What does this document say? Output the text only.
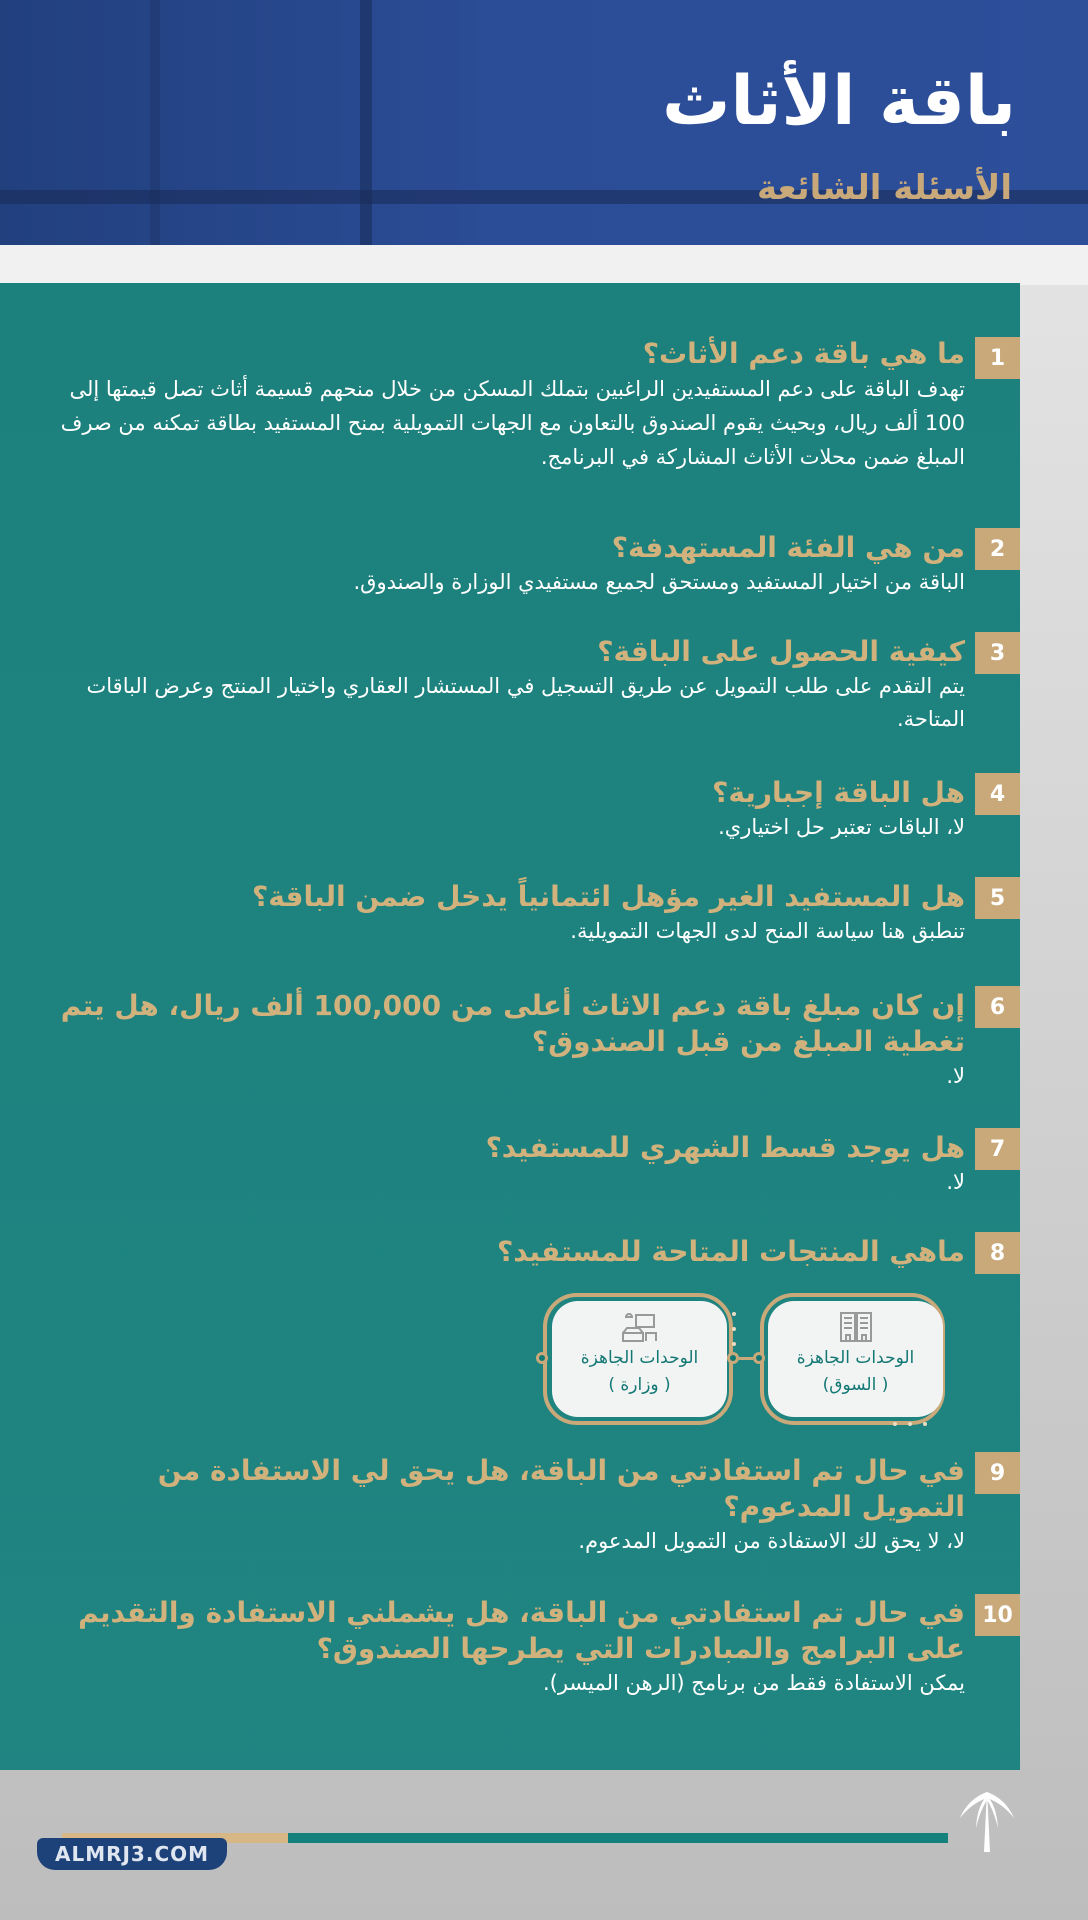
باقة الأثاث
الأسئلة الشائعة
1
ما هي باقة دعم الأثاث؟
تهدف الباقة على دعم المستفيدين الراغبين بتملك المسكن من خلال منحهم قسيمة أثاث تصل قيمتها إلى 100 ألف ريال، وبحيث يقوم الصندوق بالتعاون مع الجهات التمويلية بمنح المستفيد بطاقة تمكنه من صرف المبلغ ضمن محلات الأثاث المشاركة في البرنامج.
2
من هي الفئة المستهدفة؟
الباقة من اختيار المستفيد ومستحق لجميع مستفيدي الوزارة والصندوق.
3
كيفية الحصول على الباقة؟
يتم التقدم على طلب التمويل عن طريق التسجيل في المستشار العقاري واختيار المنتج وعرض الباقات المتاحة.
4
هل الباقة إجبارية؟
لا، الباقات تعتبر حل اختياري.
5
هل المستفيد الغير مؤهل ائتمانياً يدخل ضمن الباقة؟
تنطبق هنا سياسة المنح لدى الجهات التمويلية.
6
إن كان مبلغ باقة دعم الاثاث أعلى من 100,000 ألف ريال، هل يتم تغطية المبلغ من قبل الصندوق؟
لا.
7
هل يوجد قسط الشهري للمستفيد؟
لا.
8
ماهي المنتجات المتاحة للمستفيد؟
الوحدات الجاهزة
( السوق)
الوحدات الجاهزة
( وزارة )
9
في حال تم استفادتي من الباقة، هل يحق لي الاستفادة من التمويل المدعوم؟
لا، لا يحق لك الاستفادة من التمويل المدعوم.
10
في حال تم استفادتي من الباقة، هل يشملني الاستفادة والتقديم على البرامج والمبادرات التي يطرحها الصندوق؟
يمكن الاستفادة فقط من برنامج (الرهن الميسر).
ALMRJ3.COM
